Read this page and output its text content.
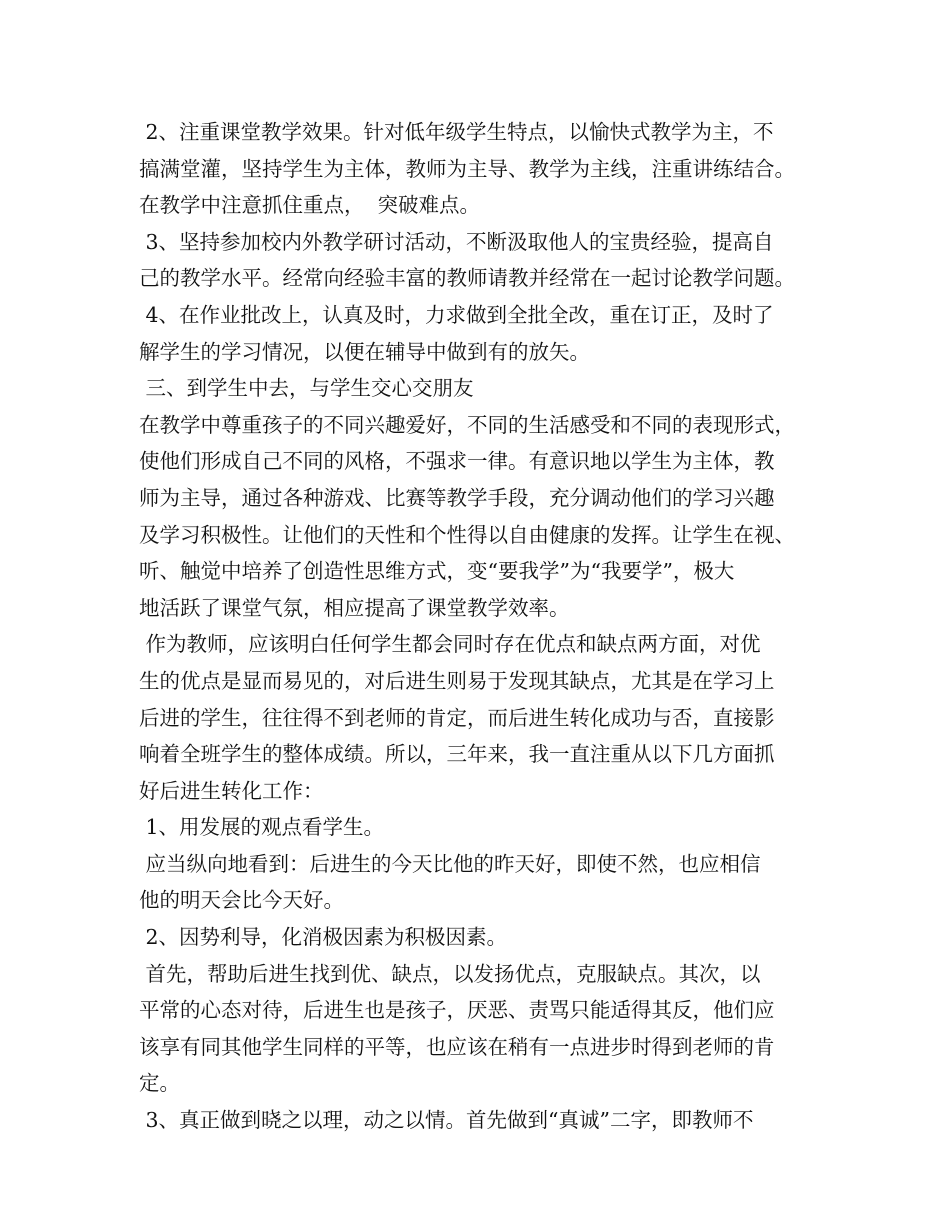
2、注重课堂教学效果。针对低年级学生特点，以愉快式教学为主，不
搞满堂灌，坚持学生为主体，教师为主导、教学为主线，注重讲练结合。
在教学中注意抓住重点，  突破难点。
3、坚持参加校内外教学研讨活动，不断汲取他人的宝贵经验，提高自
己的教学水平。经常向经验丰富的教师请教并经常在一起讨论教学问题。
4、在作业批改上，认真及时，力求做到全批全改，重在订正，及时了
解学生的学习情况，以便在辅导中做到有的放矢。
三、到学生中去，与学生交心交朋友
在教学中尊重孩子的不同兴趣爱好，不同的生活感受和不同的表现形式，
使他们形成自己不同的风格，不强求一律。有意识地以学生为主体，教
师为主导，通过各种游戏、比赛等教学手段，充分调动他们的学习兴趣
及学习积极性。让他们的天性和个性得以自由健康的发挥。让学生在视、
听、触觉中培养了创造性思维方式，变“要我学”为“我要学”，极大
地活跃了课堂气氛，相应提高了课堂教学效率。
作为教师，应该明白任何学生都会同时存在优点和缺点两方面，对优
生的优点是显而易见的，对后进生则易于发现其缺点，尤其是在学习上
后进的学生，往往得不到老师的肯定，而后进生转化成功与否，直接影
响着全班学生的整体成绩。所以，三年来，我一直注重从以下几方面抓
好后进生转化工作：
1、用发展的观点看学生。
应当纵向地看到：后进生的今天比他的昨天好，即使不然，也应相信
他的明天会比今天好。
2、因势利导，化消极因素为积极因素。
首先，帮助后进生找到优、缺点，以发扬优点，克服缺点。其次，以
平常的心态对待，后进生也是孩子，厌恶、责骂只能适得其反，他们应
该享有同其他学生同样的平等，也应该在稍有一点进步时得到老师的肯
定。
3、真正做到晓之以理，动之以情。首先做到“真诚”二字，即教师不
